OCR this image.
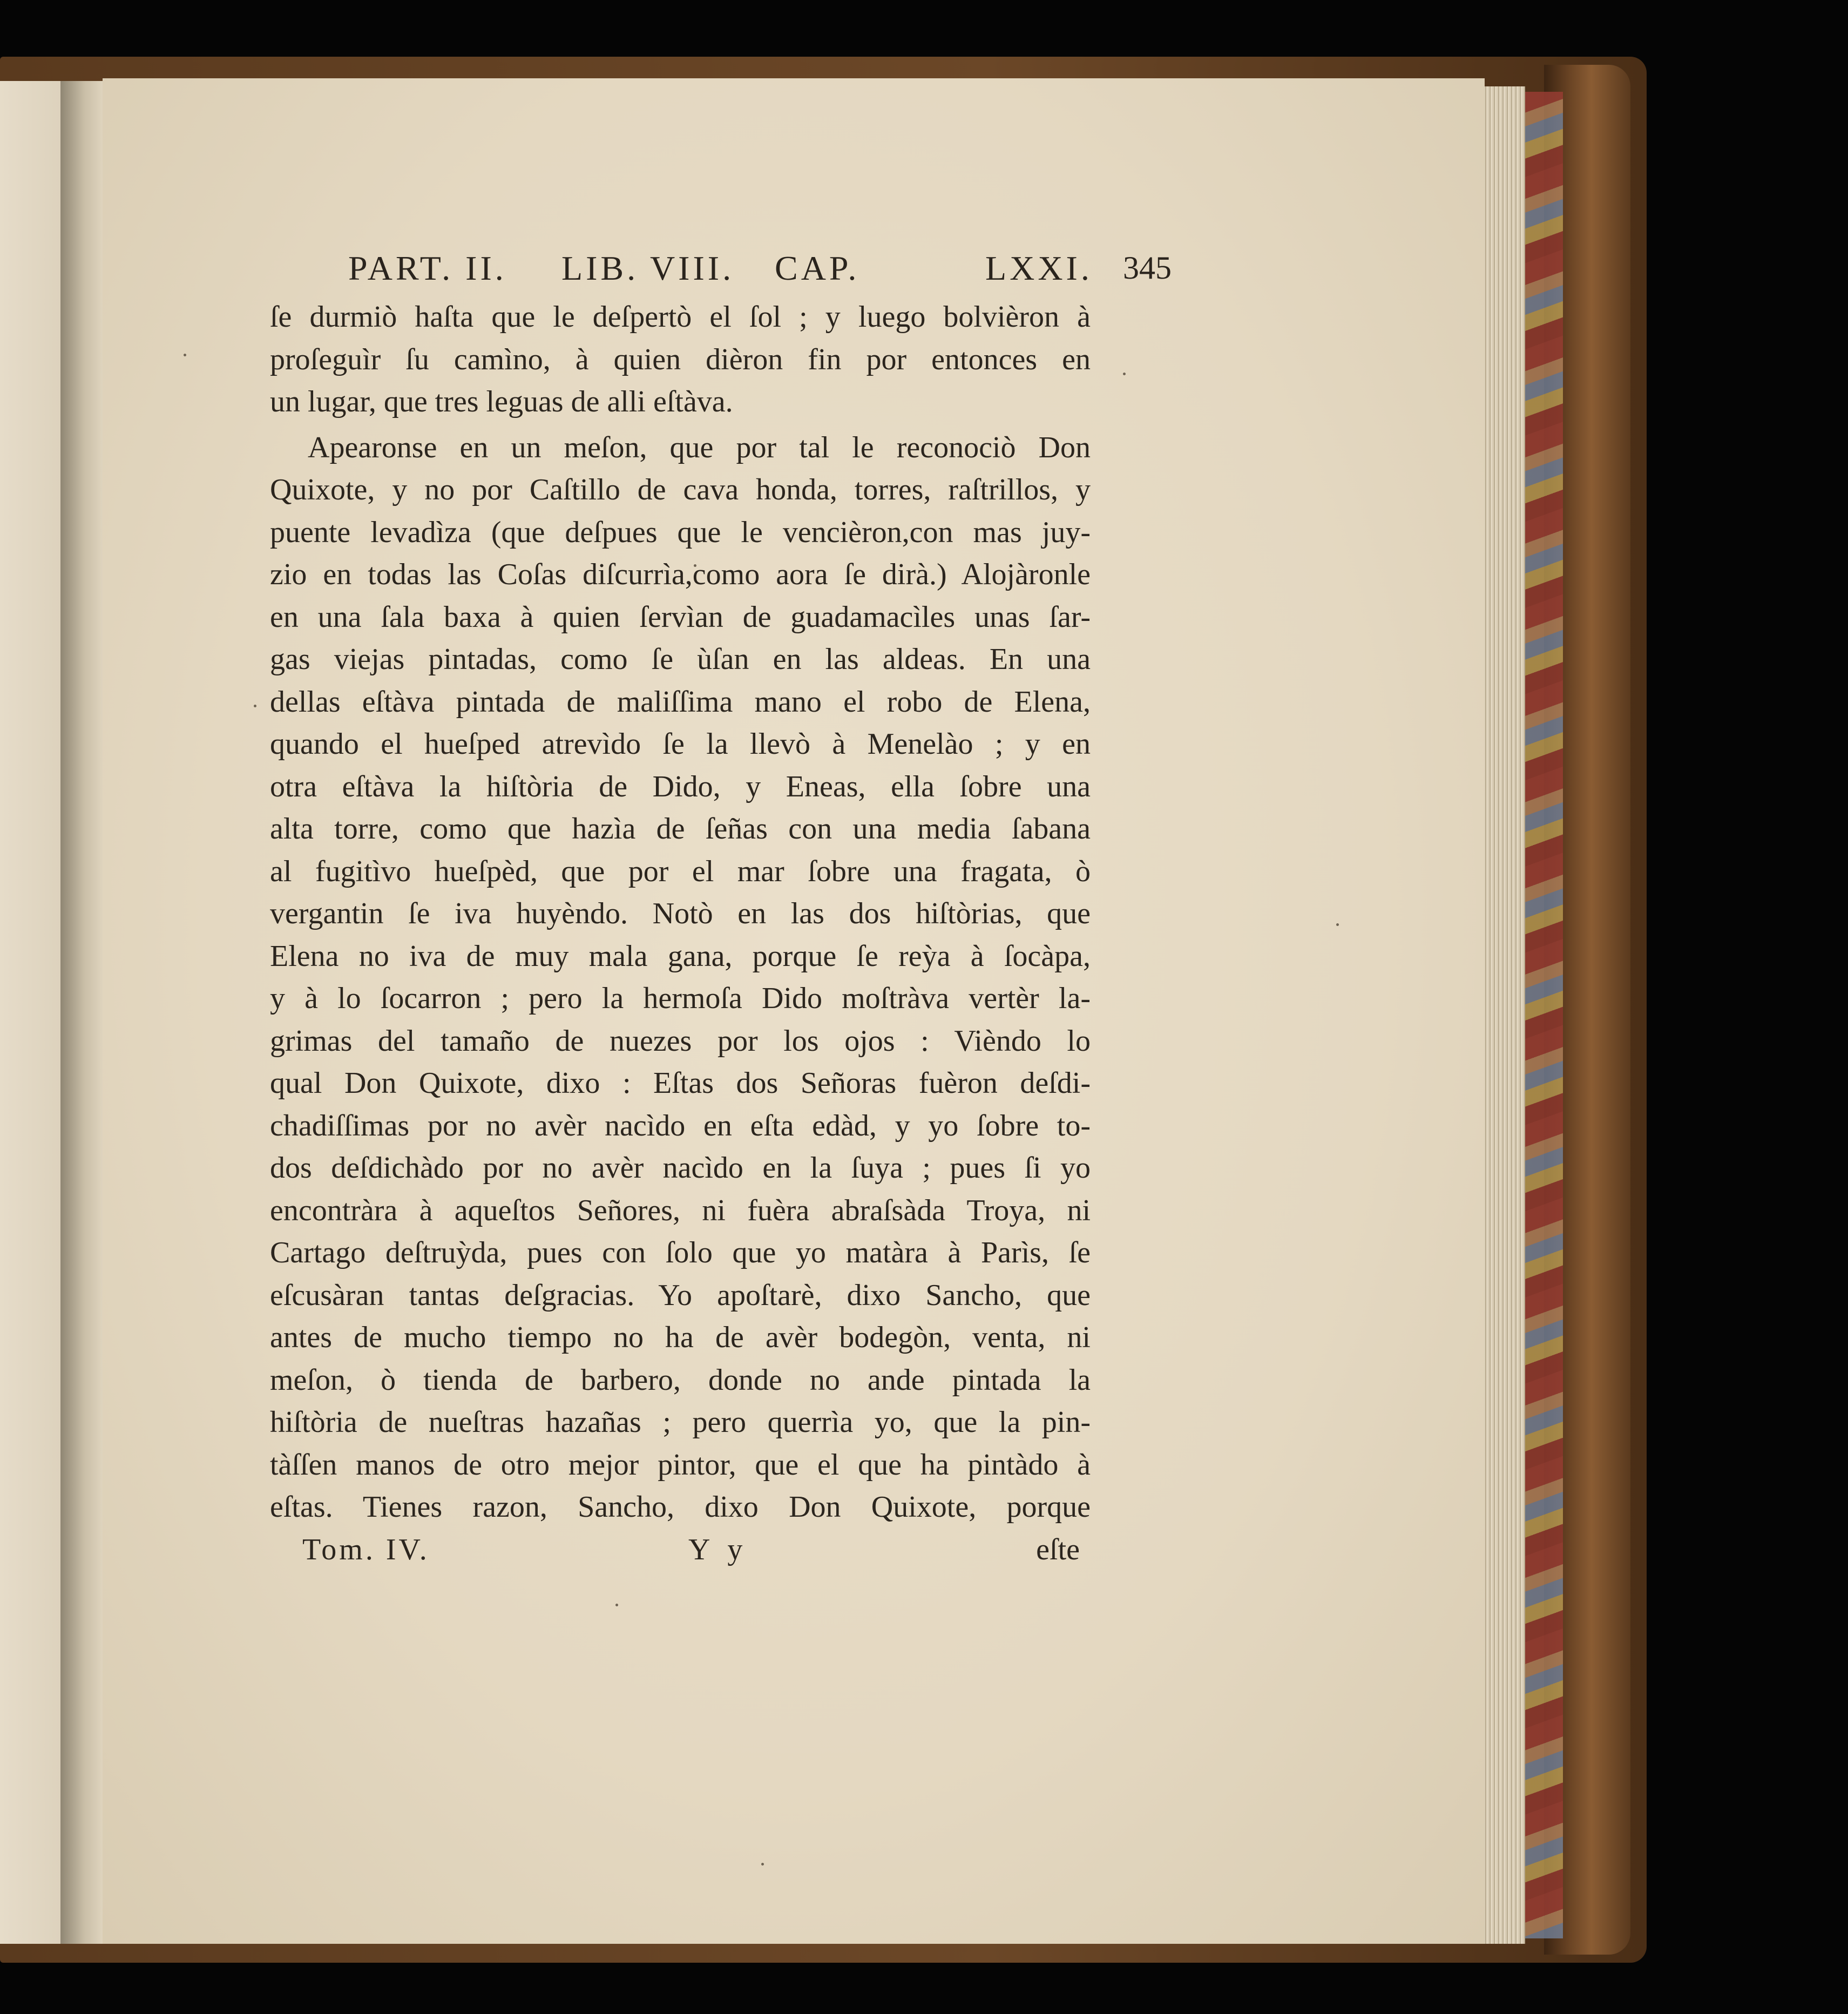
PART. II. LIB. VIII. CAP.	LXXI. 345
ſe durmiò haſta que le deſpertò el ſol ; y luego bolvièron à
proſeguìr ſu camìno, à quien dièron fin por entonces en
un lugar, que tres leguas de alli eſtàva.
Apearonse en un meſon, que por tal le reconociò Don
Quixote, y no por Caſtillo de cava honda, torres, raſtrillos, y
puente levadìza (que deſpues que le vencièron,con mas juy-
zio en todas las Coſas diſcurrìa,como aora ſe dirà.) Alojàronle
en una ſala baxa à quien ſervìan de guadamacìles unas ſar-
gas viejas pintadas, como ſe ùſan en las aldeas. En una
dellas eſtàva pintada de maliſſima mano el robo de Elena,
quando el hueſped atrevìdo ſe la llevò à Menelào ; y en
otra eſtàva la hiſtòria de Dido, y Eneas, ella ſobre una
alta torre, como que hazìa de ſeñas con una media ſabana
al fugitìvo hueſpèd, que por el mar ſobre una fragata, ò
vergantin ſe iva huyèndo. Notò en las dos hiſtòrias, que
Elena no iva de muy mala gana, porque ſe reỳa à ſocàpa,
y à lo ſocarron ; pero la hermoſa Dido moſtràva vertèr la-
grimas del tamaño de nuezes por los ojos : Vièndo lo
qual Don Quixote, dixo : Eſtas dos Señoras fuèron deſdi-
chadiſſimas por no avèr nacìdo en eſta edàd, y yo ſobre to-
dos deſdichàdo por no avèr nacìdo en la ſuya ; pues ſi yo
encontràra à aqueſtos Señores, ni fuèra abraſsàda Troya, ni
Cartago deſtruỳda, pues con ſolo que yo matàra à Parìs, ſe
eſcusàran tantas deſgracias. Yo apoſtarè, dixo Sancho, que
antes de mucho tiempo no ha de avèr bodegòn, venta, ni
meſon, ò tienda de barbero, donde no ande pintada la
hiſtòria de nueſtras hazañas ; pero querrìa yo, que la pin-
tàſſen manos de otro mejor pintor, que el que ha pintàdo à
eſtas. Tienes razon, Sancho, dixo Don Quixote, porque
Tom. IV.	Y y	eſte
